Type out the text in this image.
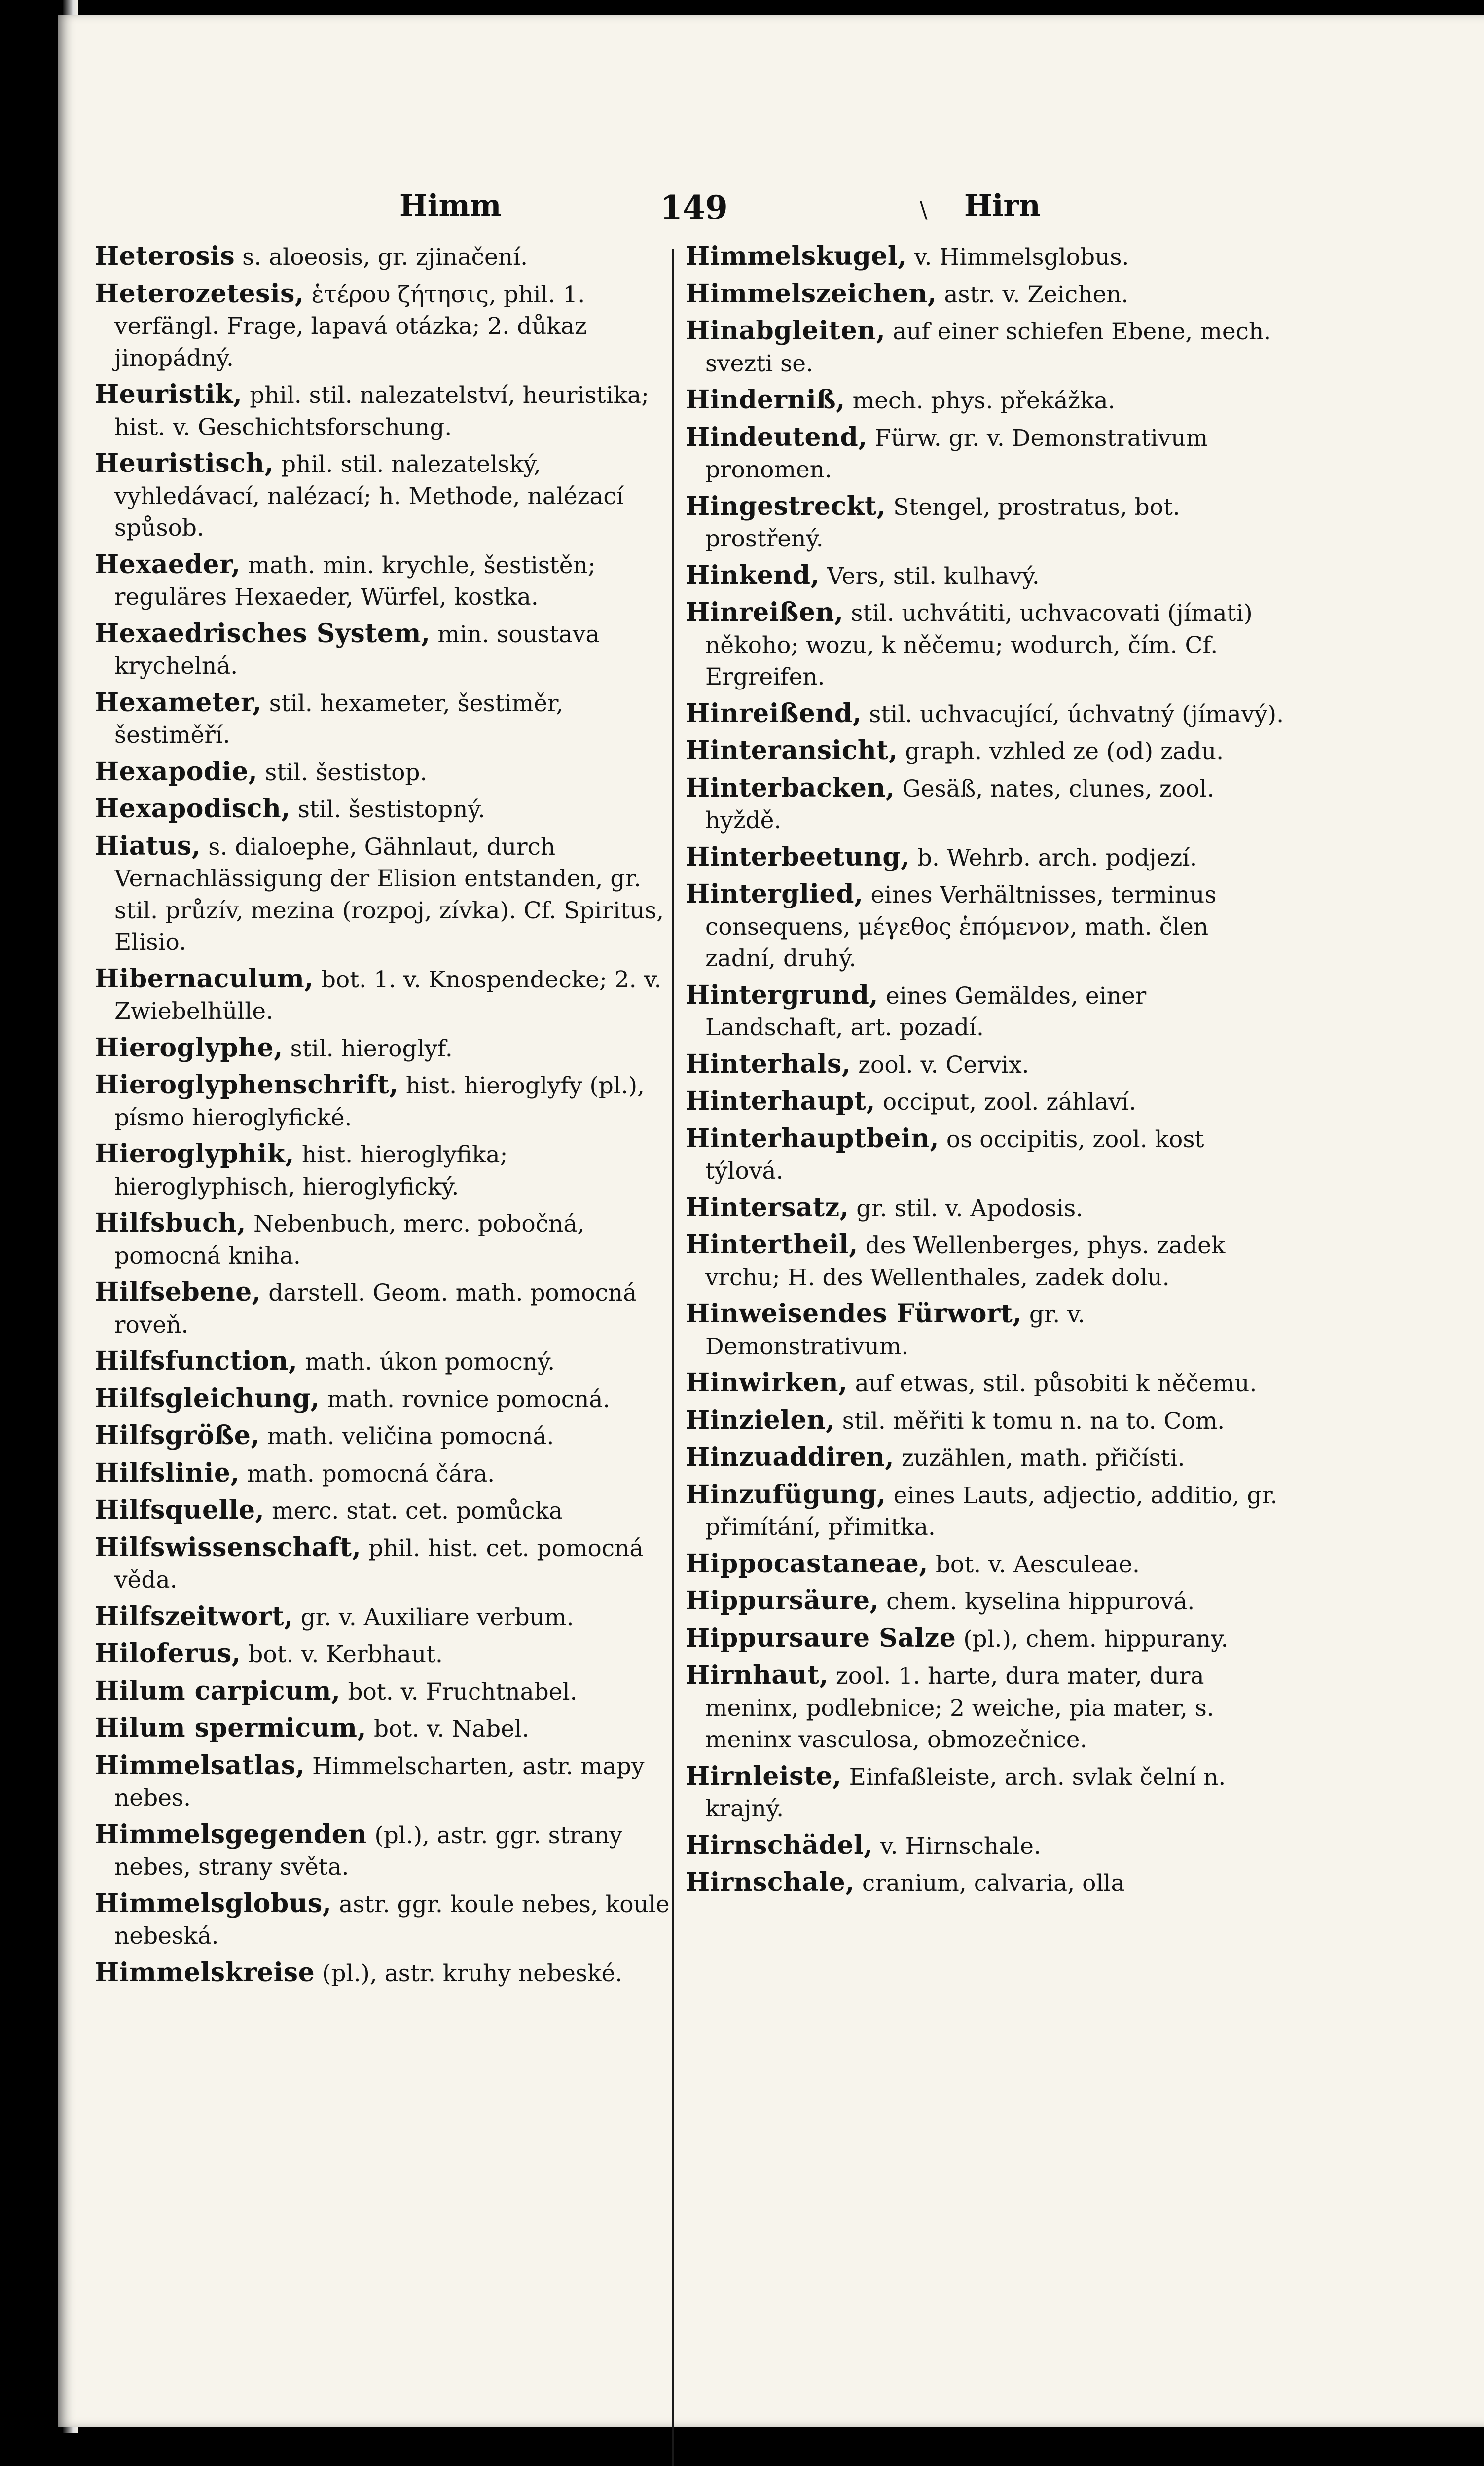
Himm	149	\ Hirn
Heterosis s. aloeosis, gr. zjinačení.
Heterozetesis, ἑτέρου ζήτησις, phil. 1. verfängl. Frage, lapavá otázka; 2. důkaz jinopádný.
Heuristik, phil. stil. nalezatelství, heuristika; hist. v. Geschichtsforschung.
Heuristisch, phil. stil. nalezatelský, vyhledávací, nalézací; h. Methode, nalézací spůsob.
Hexaeder, math. min. krychle, šestistěn; reguläres Hexaeder, Würfel, kostka.
Hexaedrisches System, min. soustava krychelná.
Hexameter, stil. hexameter, šestiměr, šestiměří.
Hexapodie, stil. šestistop.
Hexapodisch, stil. šestistopný.
Hiatus, s. dialoephe, Gähnlaut, durch Vernachlässigung der Elision entstanden, gr. stil. průzív, mezina (rozpoj, zívka). Cf. Spiritus, Elisio.
Hibernaculum, bot. 1. v. Knospendecke; 2. v. Zwiebelhülle.
Hieroglyphe, stil. hieroglyf.
Hieroglyphenschrift, hist. hieroglyfy (pl.), písmo hieroglyfické.
Hieroglyphik, hist. hieroglyfika; hieroglyphisch, hieroglyfický.
Hilfsbuch, Nebenbuch, merc. pobočná, pomocná kniha.
Hilfsebene, darstell. Geom. math. pomocná roveň.
Hilfsfunction, math. úkon pomocný.
Hilfsgleichung, math. rovnice pomocná.
Hilfsgröße, math. veličina pomocná.
Hilfslinie, math. pomocná čára.
Hilfsquelle, merc. stat. cet. pomůcka
Hilfswissenschaft, phil. hist. cet. pomocná věda.
Hilfszeitwort, gr. v. Auxiliare verbum.
Hiloferus, bot. v. Kerbhaut.
Hilum carpicum, bot. v. Fruchtnabel.
Hilum spermicum, bot. v. Nabel.
Himmelsatlas, Himmelscharten, astr. mapy nebes.
Himmelsgegenden (pl.), astr. ggr. strany nebes, strany světa.
Himmelsglobus, astr. ggr. koule nebes, koule nebeská.
Himmelskreise (pl.), astr. kruhy nebeské.
Himmelskugel, v. Himmelsglobus.
Himmelszeichen, astr. v. Zeichen.
Hinabgleiten, auf einer schiefen Ebene, mech. svezti se.
Hinderniß, mech. phys. překážka.
Hindeutend, Fürw. gr. v. Demonstrativum pronomen.
Hingestreckt, Stengel, prostratus, bot. prostřený.
Hinkend, Vers, stil. kulhavý.
Hinreißen, stil. uchvátiti, uchvacovati (jímati) někoho; wozu, k něčemu; wodurch, čím. Cf. Ergreifen.
Hinreißend, stil. uchvacující, úchvatný (jímavý).
Hinteransicht, graph. vzhled ze (od) zadu.
Hinterbacken, Gesäß, nates, clunes, zool. hyždě.
Hinterbeetung, b. Wehrb. arch. podjezí.
Hinterglied, eines Verhältnisses, terminus consequens, μέγεθος ἑπόμενον, math. člen zadní, druhý.
Hintergrund, eines Gemäldes, einer Landschaft, art. pozadí.
Hinterhals, zool. v. Cervix.
Hinterhaupt, occiput, zool. záhlaví.
Hinterhauptbein, os occipitis, zool. kost týlová.
Hintersatz, gr. stil. v. Apodosis.
Hintertheil, des Wellenberges, phys. zadek vrchu; H. des Wellenthales, zadek dolu.
Hinweisendes Fürwort, gr. v. Demonstrativum.
Hinwirken, auf etwas, stil. působiti k něčemu.
Hinzielen, stil. měřiti k tomu n. na to. Com.
Hinzuaddiren, zuzählen, math. přičísti.
Hinzufügung, eines Lauts, adjectio, additio, gr. přimítání, přimitka.
Hippocastaneae, bot. v. Aesculeae.
Hippursäure, chem. kyselina hippurová.
Hippursaure Salze (pl.), chem. hippurany.
Hirnhaut, zool. 1. harte, dura mater, dura meninx, podlebnice; 2 weiche, pia mater, s. meninx vasculosa, obmozečnice.
Hirnleiste, Einfaßleiste, arch. svlak čelní n. krajný.
Hirnschädel, v. Hirnschale.
Hirnschale, cranium, calvaria, olla
